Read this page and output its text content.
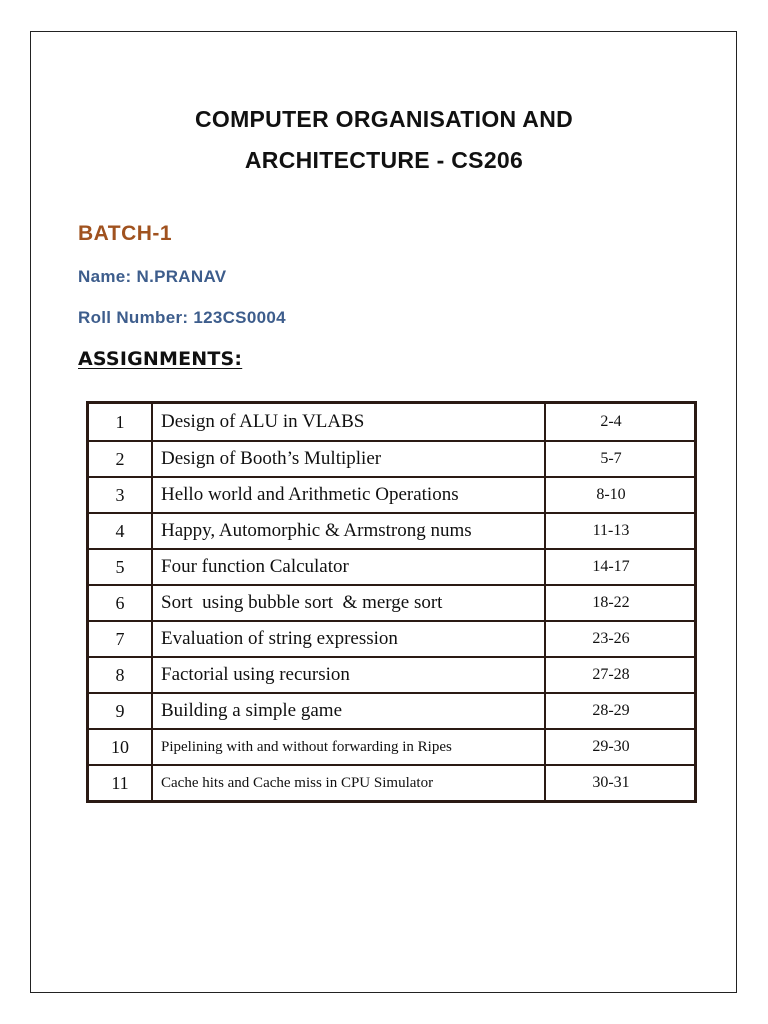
COMPUTER ORGANISATION AND
ARCHITECTURE - CS206
BATCH-1
Name: N.PRANAV
Roll Number: 123CS0004
ASSIGNMENTS:
1	Design of ALU in VLABS	2-4
2	Design of Booth’s Multiplier	5-7
3	Hello world and Arithmetic Operations	8-10
4	Happy, Automorphic & Armstrong nums	11-13
5	Four function Calculator	14-17
6	Sort  using bubble sort  & merge sort	18-22
7	Evaluation of string expression	23-26
8	Factorial using recursion	27-28
9	Building a simple game	28-29
10	Pipelining with and without forwarding in Ripes	29-30
11	Cache hits and Cache miss in CPU Simulator	30-31
